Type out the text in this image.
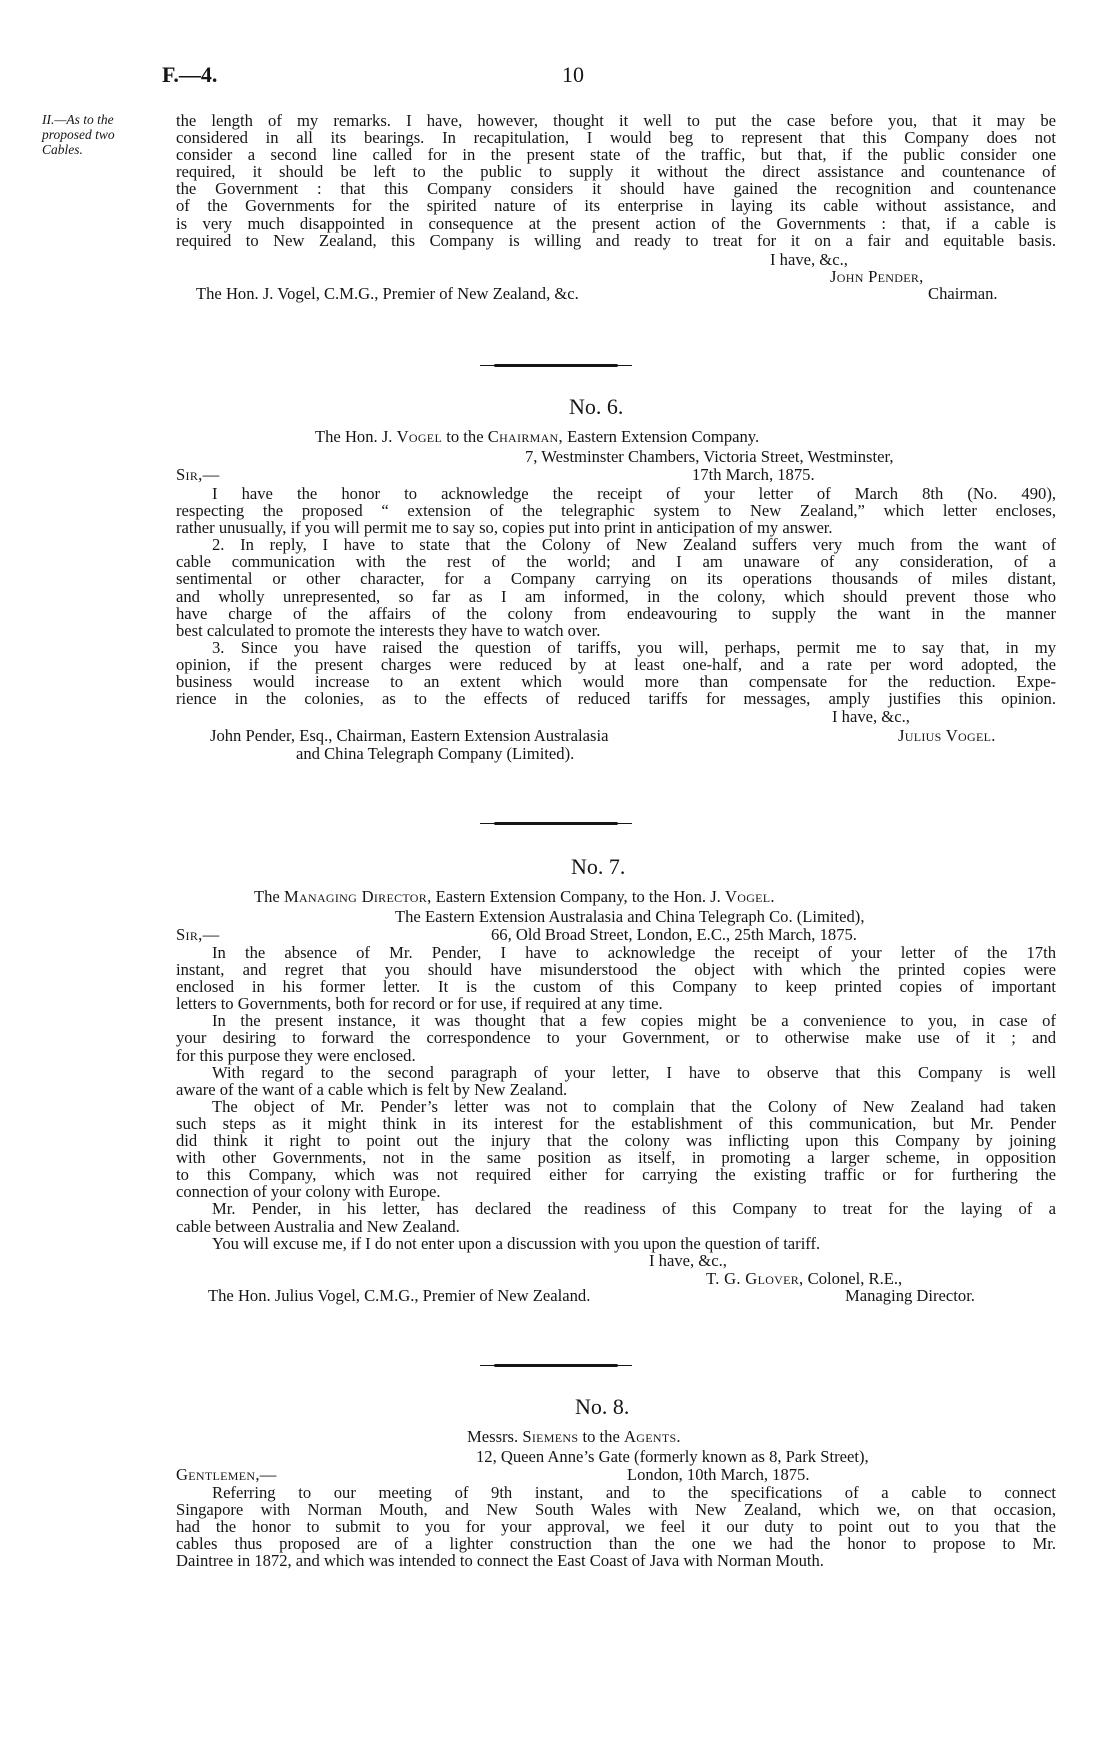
F.—4.	10
II.—As to the
proposed two
Cables.

the length of my remarks. I have, however, thought it well to put the case before you, that it may be

considered in all its bearings. In recapitulation, I would beg to represent that this Company does not

consider a second line called for in the present state of the traffic, but that, if the public consider one

required, it should be left to the public to supply it without the direct assistance and countenance of

the Government : that this Company considers it should have gained the recognition and countenance

of the Governments for the spirited nature of its enterprise in laying its cable without assistance, and

is very much disappointed in consequence at the present action of the Governments : that, if a cable is

required to New Zealand, this Company is willing and ready to treat for it on a fair and equitable basis.

I have, &c.,
John Pender,
The Hon. J. Vogel, C.M.G., Premier of New Zealand, &c.	Chairman.
No. 6.
The Hon. J. Vogel to the Chairman, Eastern Extension Company.
7, Westminster Chambers, Victoria Street, Westminster,
Sir,—	17th March, 1875.

I have the honor to acknowledge the receipt of your letter of March 8th (No. 490),

respecting the proposed “ extension of the telegraphic system to New Zealand,” which letter encloses,

rather unusually, if you will permit me to say so, copies put into print in anticipation of my answer.

2. In reply, I have to state that the Colony of New Zealand suffers very much from the want of

cable communication with the rest of the world; and I am unaware of any consideration, of a

sentimental or other character, for a Company carrying on its operations thousands of miles distant,

and wholly unrepresented, so far as I am informed, in the colony, which should prevent those who

have charge of the affairs of the colony from endeavouring to supply the want in the manner

best calculated to promote the interests they have to watch over.

3. Since you have raised the question of tariffs, you will, perhaps, permit me to say that, in my

opinion, if the present charges were reduced by at least one-half, and a rate per word adopted, the

business would increase to an extent which would more than compensate for the reduction. Expe-

rience in the colonies, as to the effects of reduced tariffs for messages, amply justifies this opinion.

I have, &c.,
John Pender, Esq., Chairman, Eastern Extension Australasia	Julius Vogel.
and China Telegraph Company (Limited).
No. 7.
The Managing Director, Eastern Extension Company, to the Hon. J. Vogel.
The Eastern Extension Australasia and China Telegraph Co. (Limited),
Sir,—	66, Old Broad Street, London, E.C., 25th March, 1875.

In the absence of Mr. Pender, I have to acknowledge the receipt of your letter of the 17th

instant, and regret that you should have misunderstood the object with which the printed copies were

enclosed in his former letter. It is the custom of this Company to keep printed copies of important

letters to Governments, both for record or for use, if required at any time.

In the present instance, it was thought that a few copies might be a convenience to you, in case of

your desiring to forward the correspondence to your Government, or to otherwise make use of it ; and

for this purpose they were enclosed.

With regard to the second paragraph of your letter, I have to observe that this Company is well

aware of the want of a cable which is felt by New Zealand.

The object of Mr. Pender’s letter was not to complain that the Colony of New Zealand had taken

such steps as it might think in its interest for the establishment of this communication, but Mr. Pender

did think it right to point out the injury that the colony was inflicting upon this Company by joining

with other Governments, not in the same position as itself, in promoting a larger scheme, in opposition

to this Company, which was not required either for carrying the existing traffic or for furthering the

connection of your colony with Europe.

Mr. Pender, in his letter, has declared the readiness of this Company to treat for the laying of a

cable between Australia and New Zealand.

You will excuse me, if I do not enter upon a discussion with you upon the question of tariff.

I have, &c.,
T. G. Glover, Colonel, R.E.,
The Hon. Julius Vogel, C.M.G., Premier of New Zealand.	Managing Director.
No. 8.
Messrs. Siemens to the Agents.
12, Queen Anne’s Gate (formerly known as 8, Park Street),
Gentlemen,—	London, 10th March, 1875.

Referring to our meeting of 9th instant, and to the specifications of a cable to connect

Singapore with Norman Mouth, and New South Wales with New Zealand, which we, on that occasion,

had the honor to submit to you for your approval, we feel it our duty to point out to you that the

cables thus proposed are of a lighter construction than the one we had the honor to propose to Mr.

Daintree in 1872, and which was intended to connect the East Coast of Java with Norman Mouth.
